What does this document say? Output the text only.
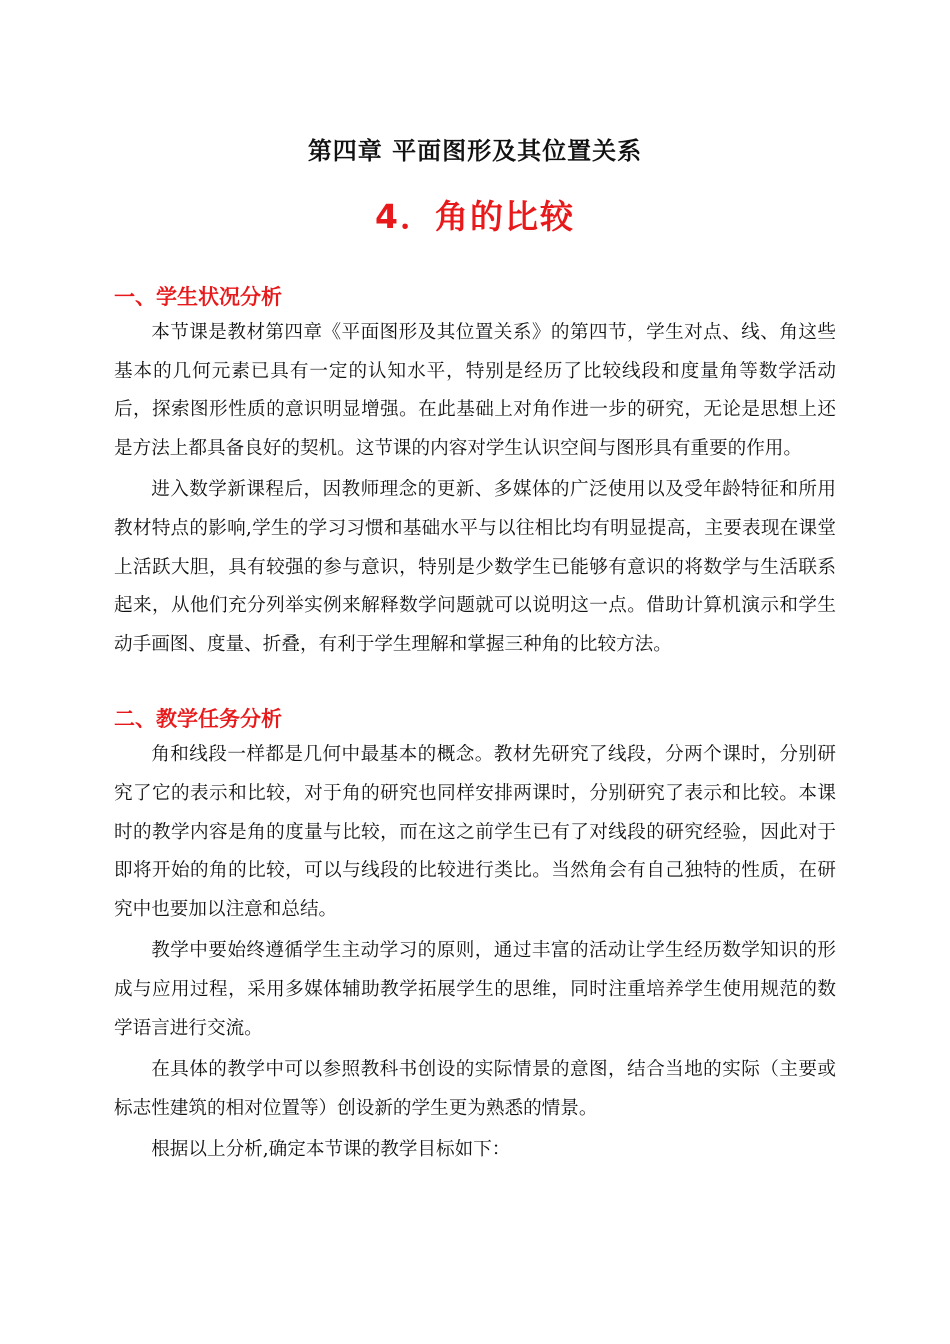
第四章 平面图形及其位置关系
4．角的比较
一、学生状况分析

本节课是教材第四章《平面图形及其位置关系》的第四节，学生对点、线、角这些基本的几何元素已具有一定的认知水平，特别是经历了比较线段和度量角等数学活动后，探索图形性质的意识明显增强。在此基础上对角作进一步的研究，无论是思想上还是方法上都具备良好的契机。这节课的内容对学生认识空间与图形具有重要的作用。

进入数学新课程后，因教师理念的更新、多媒体的广泛使用以及受年龄特征和所用教材特点的影响,学生的学习习惯和基础水平与以往相比均有明显提高，主要表现在课堂上活跃大胆，具有较强的参与意识，特别是少数学生已能够有意识的将数学与生活联系起来，从他们充分列举实例来解释数学问题就可以说明这一点。借助计算机演示和学生动手画图、度量、折叠，有利于学生理解和掌握三种角的比较方法。

二、教学任务分析

角和线段一样都是几何中最基本的概念。教材先研究了线段，分两个课时，分别研究了它的表示和比较，对于角的研究也同样安排两课时，分别研究了表示和比较。本课时的教学内容是角的度量与比较，而在这之前学生已有了对线段的研究经验，因此对于即将开始的角的比较，可以与线段的比较进行类比。当然角会有自己独特的性质，在研究中也要加以注意和总结。

教学中要始终遵循学生主动学习的原则，通过丰富的活动让学生经历数学知识的形成与应用过程，采用多媒体辅助教学拓展学生的思维，同时注重培养学生使用规范的数学语言进行交流。

在具体的教学中可以参照教科书创设的实际情景的意图，结合当地的实际（主要或标志性建筑的相对位置等）创设新的学生更为熟悉的情景。

根据以上分析,确定本节课的教学目标如下：
